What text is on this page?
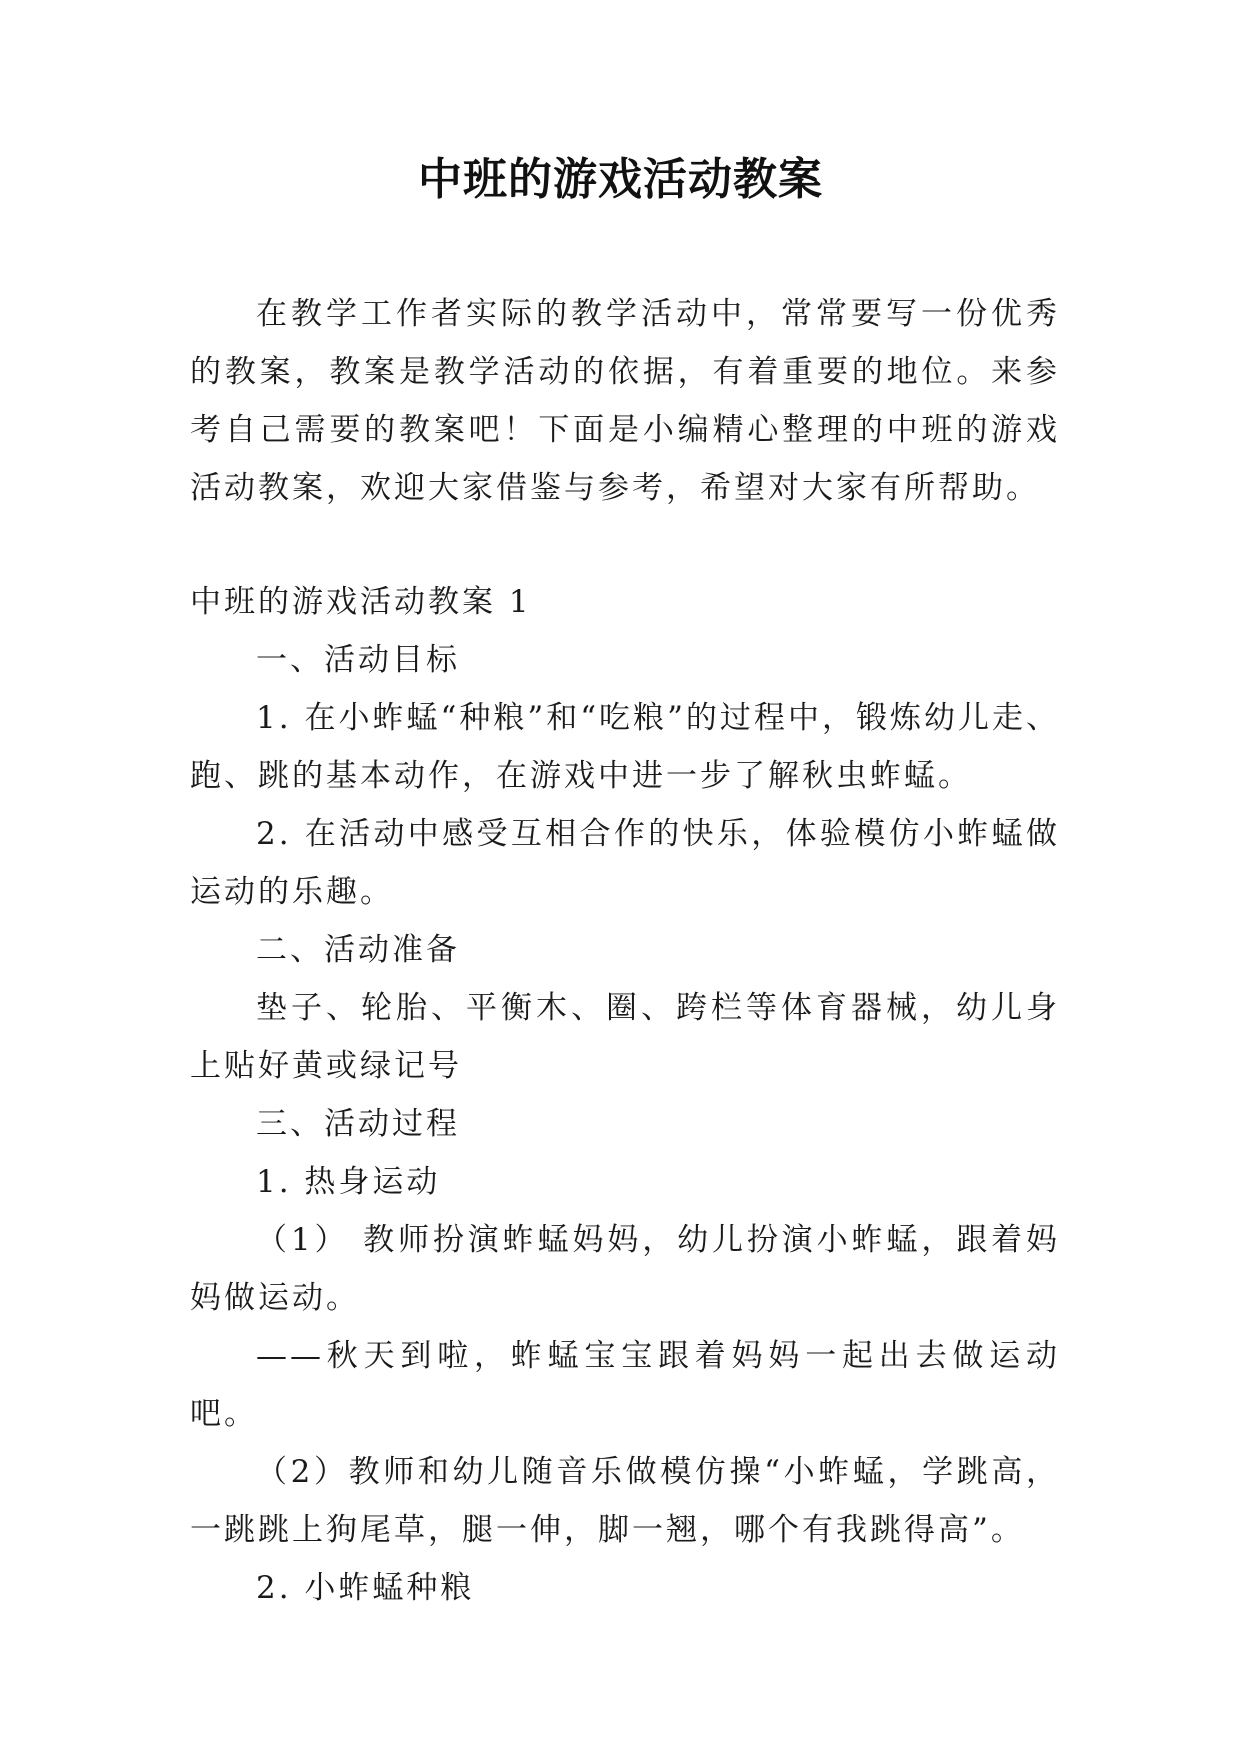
中班的游戏活动教案

在教学工作者实际的教学活动中，常常要写一份优秀的教案，教案是教学活动的依据，有着重要的地位。来参考自己需要的教案吧！下面是小编精心整理的中班的游戏活动教案，欢迎大家借鉴与参考，希望对大家有所帮助。

中班的游戏活动教案 1

一、活动目标

1. 在小蚱蜢“种粮”和“吃粮”的过程中，锻炼幼儿走、跑、跳的基本动作，在游戏中进一步了解秋虫蚱蜢。

2. 在活动中感受互相合作的快乐，体验模仿小蚱蜢做运动的乐趣。

二、活动准备

垫子、轮胎、平衡木、圈、跨栏等体育器械，幼儿身上贴好黄或绿记号

三、活动过程

1. 热身运动

（1） 教师扮演蚱蜢妈妈，幼儿扮演小蚱蜢，跟着妈妈做运动。

——秋天到啦，蚱蜢宝宝跟着妈妈一起出去做运动吧。

（2）教师和幼儿随音乐做模仿操“小蚱蜢，学跳高，一跳跳上狗尾草，腿一伸，脚一翘，哪个有我跳得高”。

2. 小蚱蜢种粮
